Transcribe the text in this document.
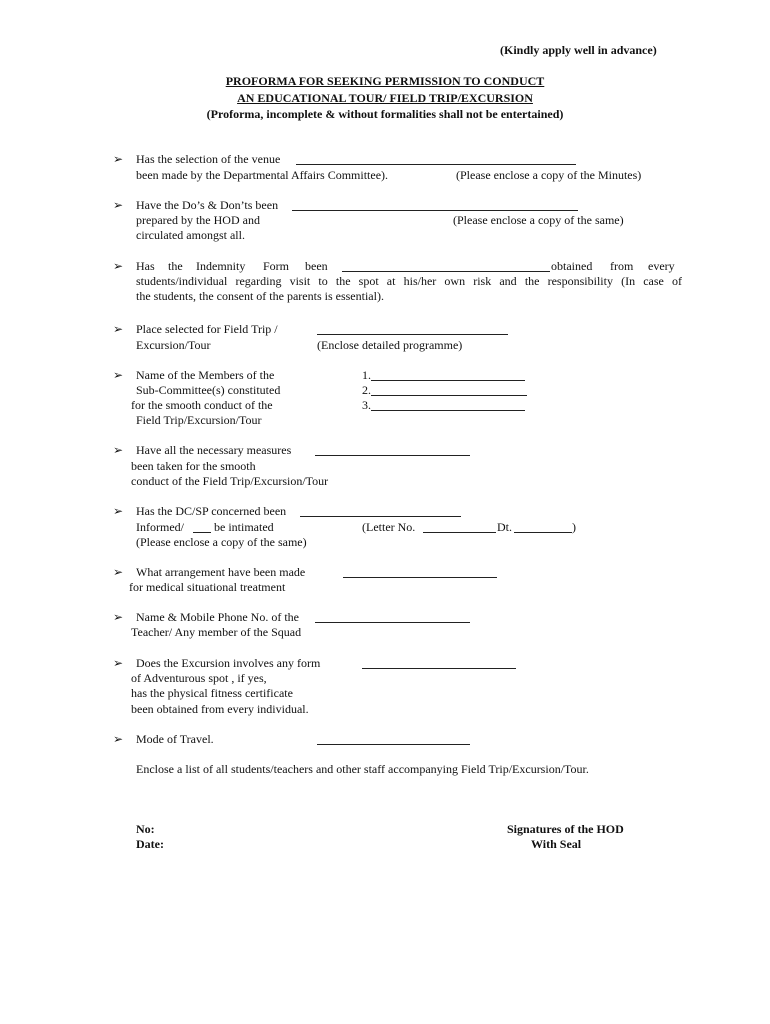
(Kindly apply well in advance)
PROFORMA FOR SEEKING PERMISSION TO CONDUCT
AN EDUCATIONAL TOUR/ FIELD TRIP/EXCURSION
(Proforma, incomplete & without formalities shall not be entertained)
➢ Has the selection of the venue
been made by the Departmental Affairs Committee).	(Please enclose a copy of the Minutes)
➢ Have the Do’s & Don’ts been
prepared by the HOD and	(Please enclose a copy of the same)
circulated amongst all.
➢ Has the Indemnity Form been	obtained from every
students/individual regarding visit to the spot at his/her own risk and the responsibility (In case of
the students, the consent of the parents is essential).
➢ Place selected for Field Trip /
Excursion/Tour	(Enclose detailed programme)
➢ Name of the Members of the
Sub-Committee(s) constituted
for the smooth conduct of the
Field Trip/Excursion/Tour
1.
2.
3.
➢ Have all the necessary measures
been taken for the smooth
conduct of the Field Trip/Excursion/Tour
➢ Has the DC/SP concerned been
Informed/	be intimated	(Letter No.	Dt.	)
(Please enclose a copy of the same)
➢ What arrangement have been made
for medical situational treatment
➢ Name & Mobile Phone No. of the
Teacher/ Any member of the Squad
➢ Does the Excursion involves any form
of Adventurous spot , if yes,
has the physical fitness certificate
been obtained from every individual.
➢ Mode of Travel.
Enclose a list of all students/teachers and other staff accompanying Field Trip/Excursion/Tour.
No:
Date:
Signatures of the HOD
With Seal
